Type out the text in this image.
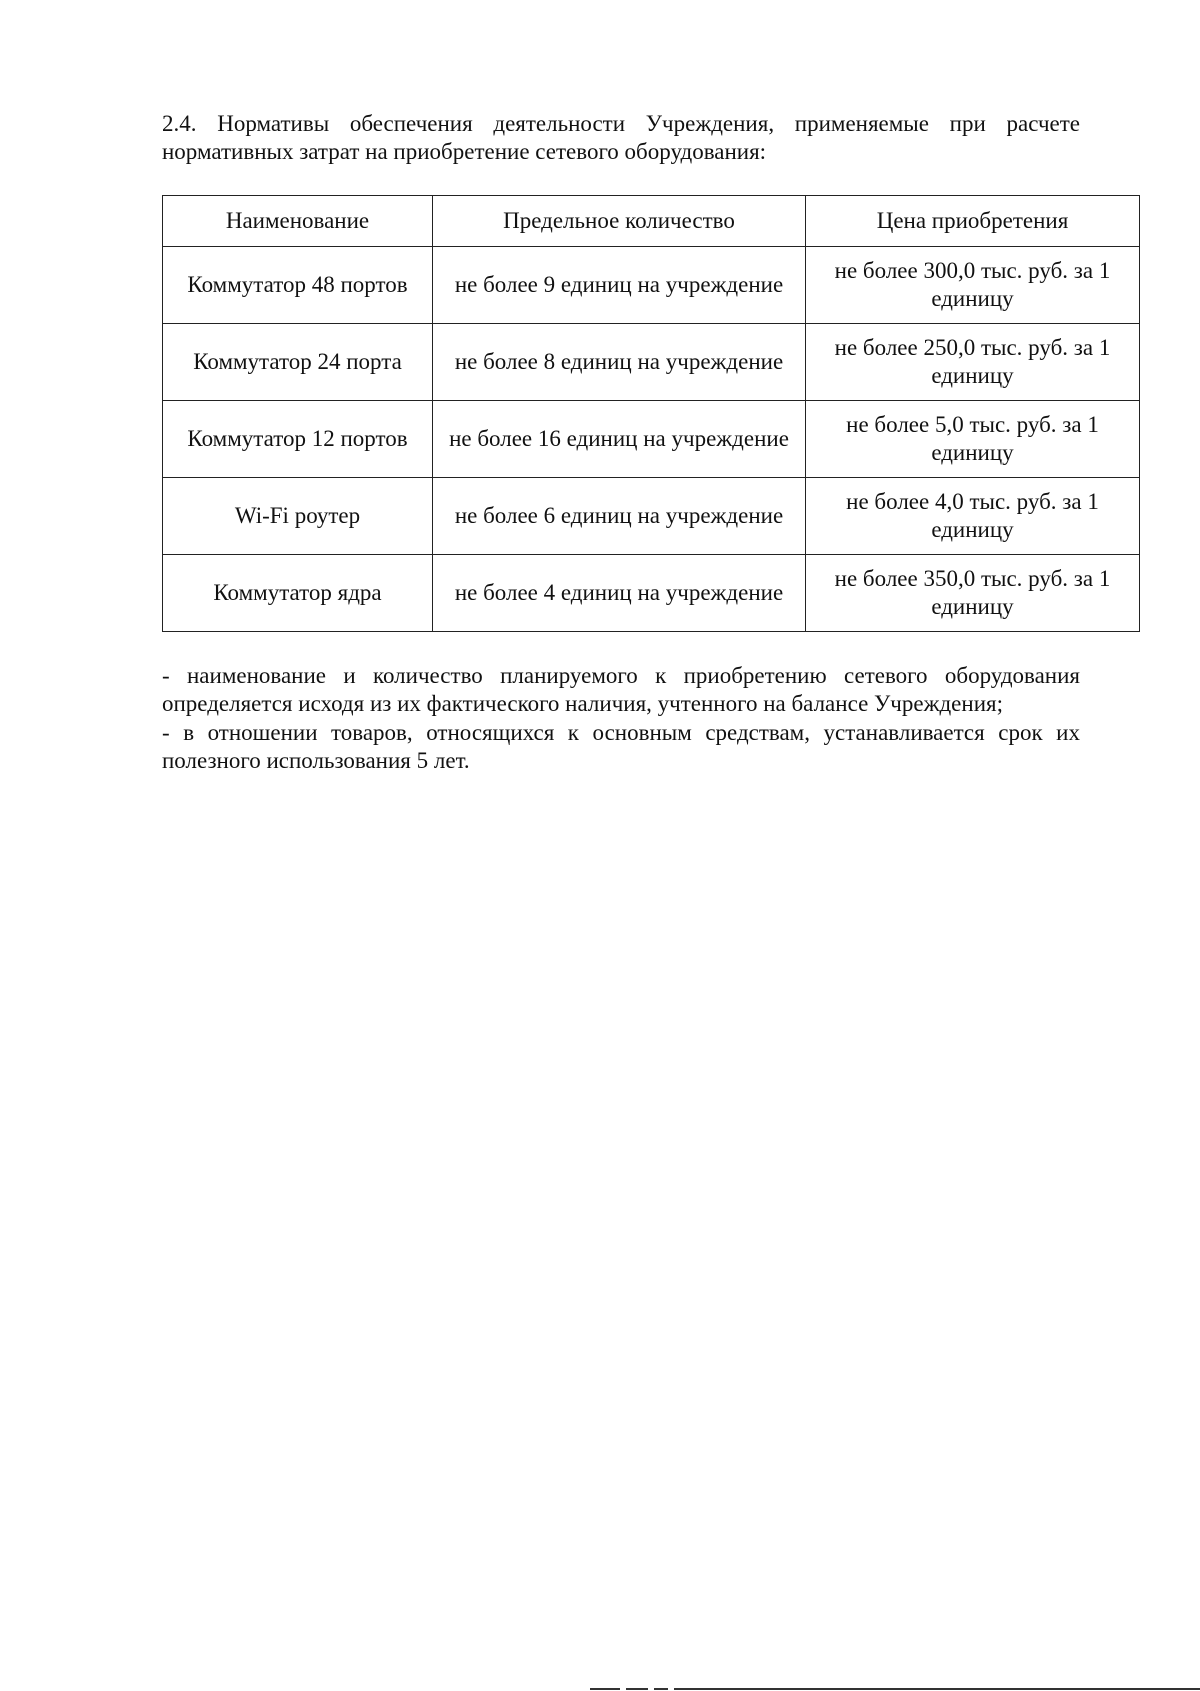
2.4. Нормативы обеспечения деятельности Учреждения, применяемые при расчете нормативных затрат на приобретение сетевого оборудования:

Наименование	Предельное количество	Цена приобретения
Коммутатор 48 портов	не более 9 единиц на учреждение	не более 300,0 тыс. руб. за 1 единицу
Коммутатор 24 порта	не более 8 единиц на учреждение	не более 250,0 тыс. руб. за 1 единицу
Коммутатор 12 портов	не более 16 единиц на учреждение	не более 5,0 тыс. руб. за 1 единицу
Wi-Fi роутер	не более 6 единиц на учреждение	не более 4,0 тыс. руб. за 1 единицу
Коммутатор ядра	не более 4 единиц на учреждение	не более 350,0 тыс. руб. за 1 единицу
- наименование и количество планируемого к приобретению сетевого оборудования определяется исходя из их фактического наличия, учтенного на балансе Учреждения;
- в отношении товаров, относящихся к основным средствам, устанавливается срок их полезного использования 5 лет.
